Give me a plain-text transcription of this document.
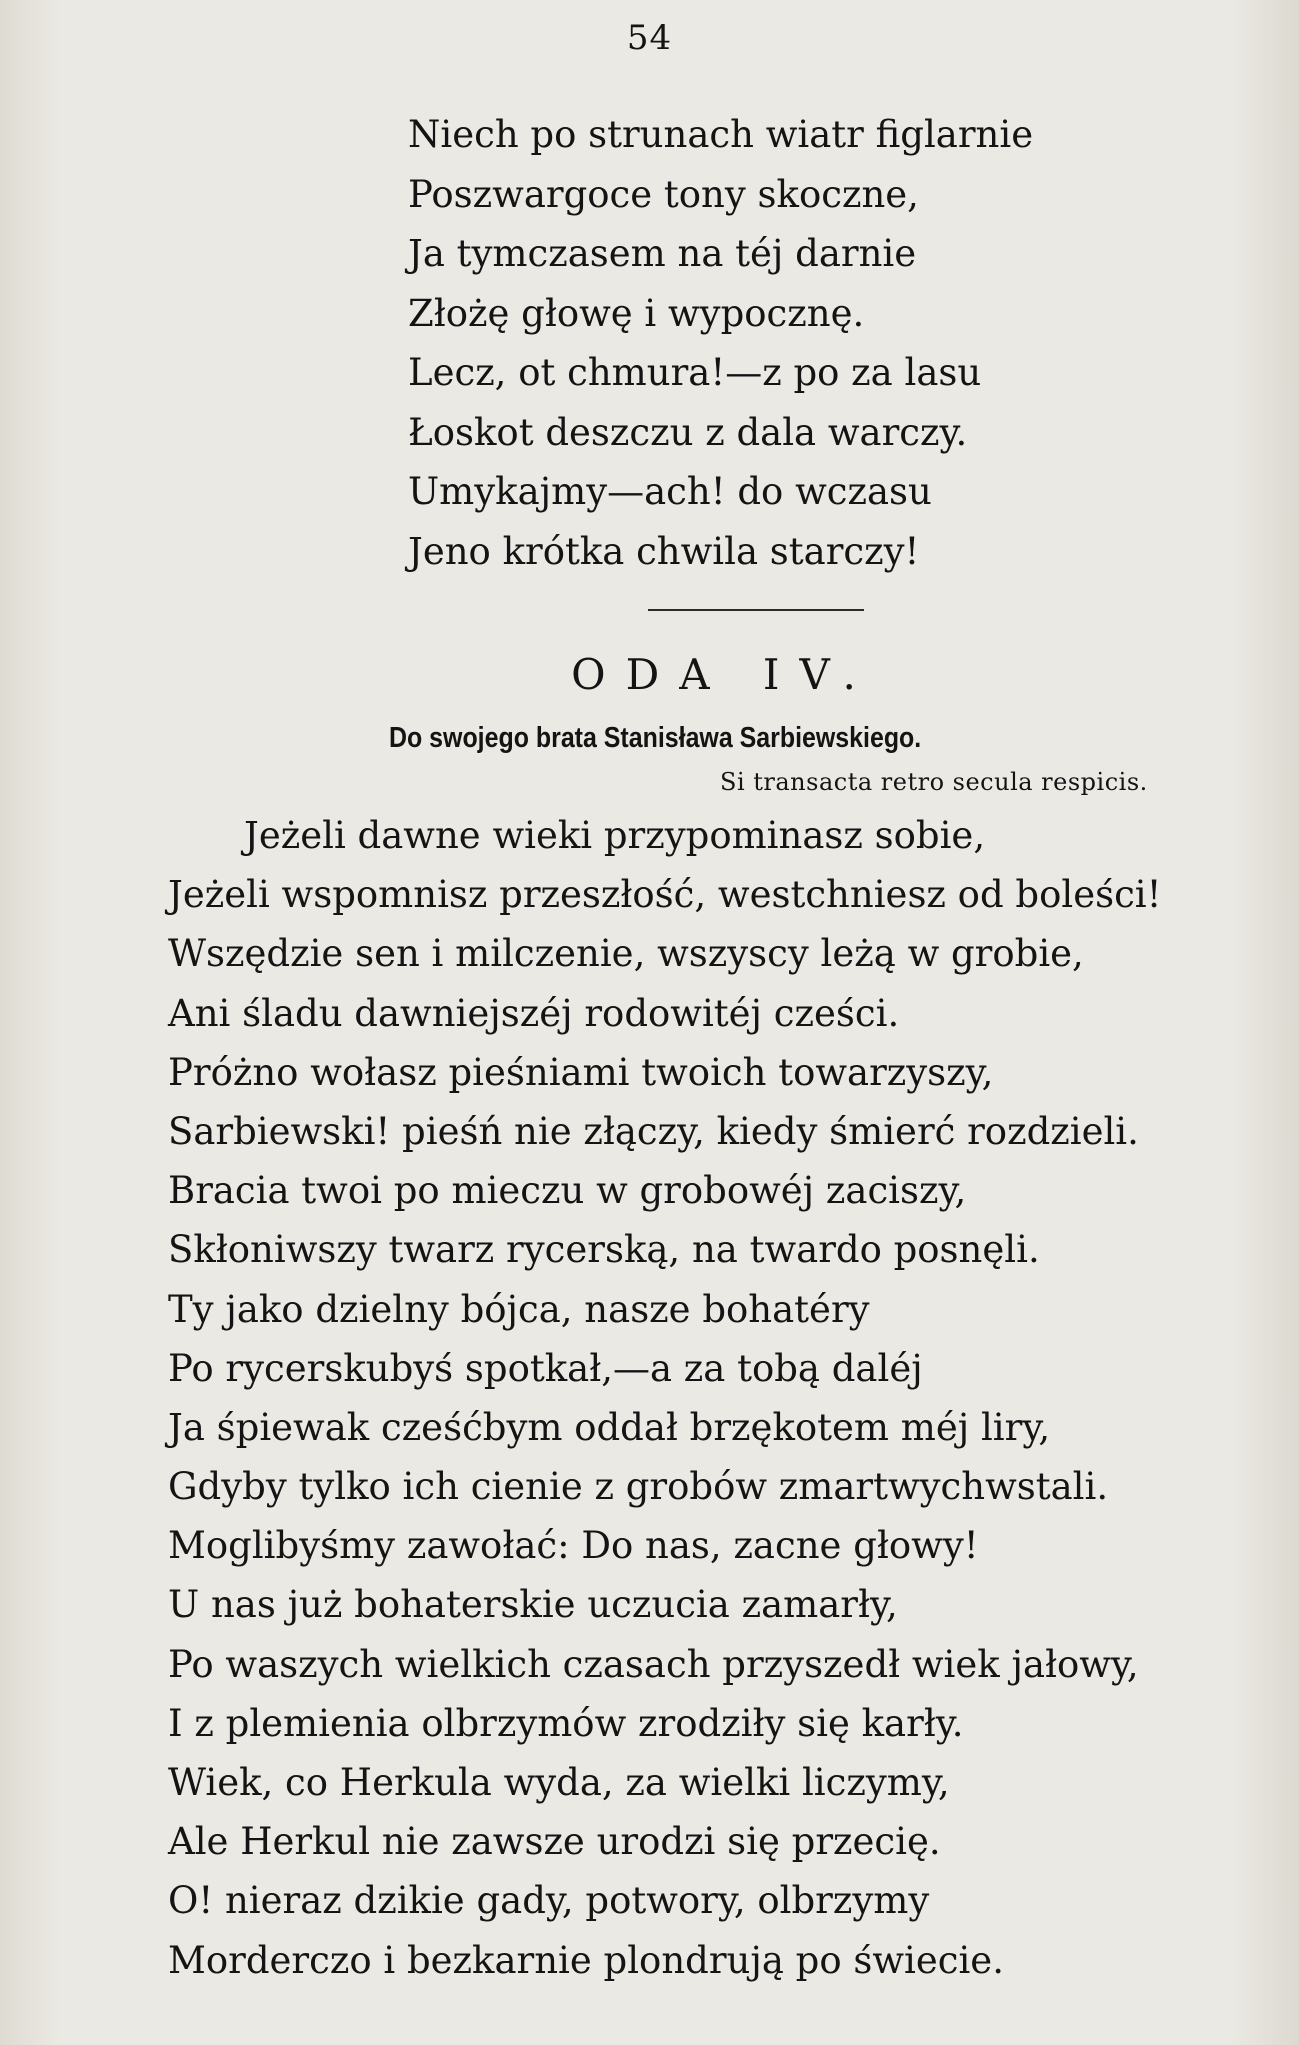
54
Niech po strunach wiatr figlarnie
Poszwargoce tony skoczne,
Ja tymczasem na téj darnie
Złożę głowę i wypocznę.
Lecz, ot chmura!—z po za lasu
Łoskot deszczu z dala warczy.
Umykajmy—ach! do wczasu
Jeno krótka chwila starczy!
ODA IV.
Do swojego brata Stanisława Sarbiewskiego.
Si transacta retro secula respicis.
Jeżeli dawne wieki przypominasz sobie,
Jeżeli wspomnisz przeszłość, westchniesz od boleści!
Wszędzie sen i milczenie, wszyscy leżą w grobie,
Ani śladu dawniejszéj rodowitéj cześci.
Próżno wołasz pieśniami twoich towarzyszy,
Sarbiewski! pieśń nie złączy, kiedy śmierć rozdzieli.
Bracia twoi po mieczu w grobowéj zaciszy,
Skłoniwszy twarz rycerską, na twardo posnęli.
Ty jako dzielny bójca, nasze bohatéry
Po rycerskubyś spotkał,—a za tobą daléj
Ja śpiewak cześćbym oddał brzękotem méj liry,
Gdyby tylko ich cienie z grobów zmartwychwstali.
Moglibyśmy zawołać: Do nas, zacne głowy!
U nas już bohaterskie uczucia zamarły,
Po waszych wielkich czasach przyszedł wiek jałowy,
I z plemienia olbrzymów zrodziły się karły.
Wiek, co Herkula wyda, za wielki liczymy,
Ale Herkul nie zawsze urodzi się przecię.
O! nieraz dzikie gady, potwory, olbrzymy
Morderczo i bezkarnie plondrują po świecie.
